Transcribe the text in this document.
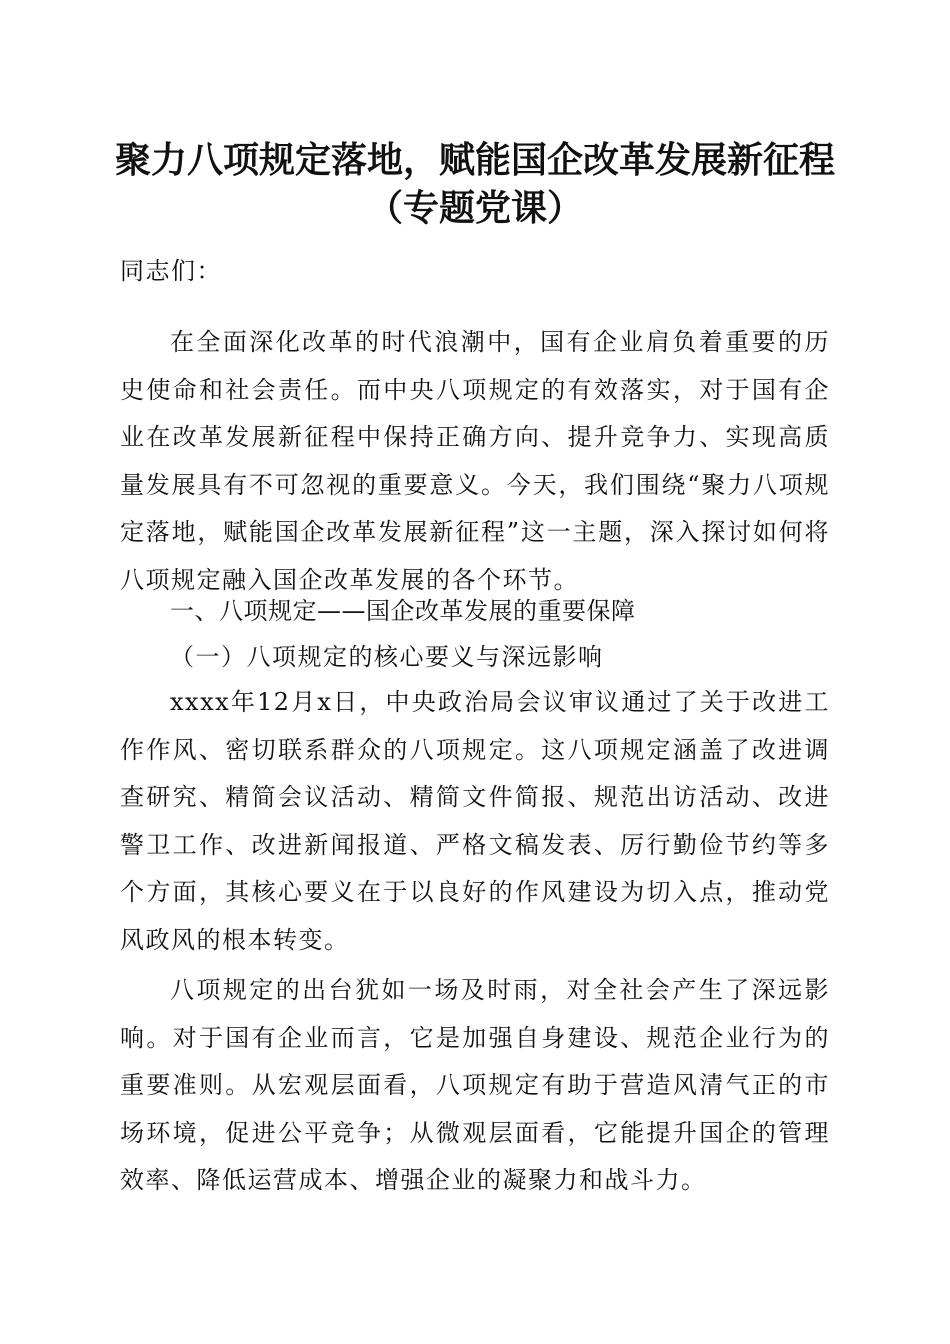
聚力八项规定落地，赋能国企改革发展新征程
（专题党课）

同志们：

在全面深化改革的时代浪潮中，国有企业肩负着重要的历史使命和社会责任。而中央八项规定的有效落实，对于国有企业在改革发展新征程中保持正确方向、提升竞争力、实现高质量发展具有不可忽视的重要意义。今天，我们围绕“聚力八项规定落地，赋能国企改革发展新征程”这一主题，深入探讨如何将八项规定融入国企改革发展的各个环节。

一、八项规定——国企改革发展的重要保障
（一）八项规定的核心要义与深远影响

xxxx年12月x日，中央政治局会议审议通过了关于改进工作作风、密切联系群众的八项规定。这八项规定涵盖了改进调查研究、精简会议活动、精简文件简报、规范出访活动、改进警卫工作、改进新闻报道、严格文稿发表、厉行勤俭节约等多个方面，其核心要义在于以良好的作风建设为切入点，推动党风政风的根本转变。

八项规定的出台犹如一场及时雨，对全社会产生了深远影响。对于国有企业而言，它是加强自身建设、规范企业行为的重要准则。从宏观层面看，八项规定有助于营造风清气正的市场环境，促进公平竞争；从微观层面看，它能提升国企的管理效率、降低运营成本、增强企业的凝聚力和战斗力。
